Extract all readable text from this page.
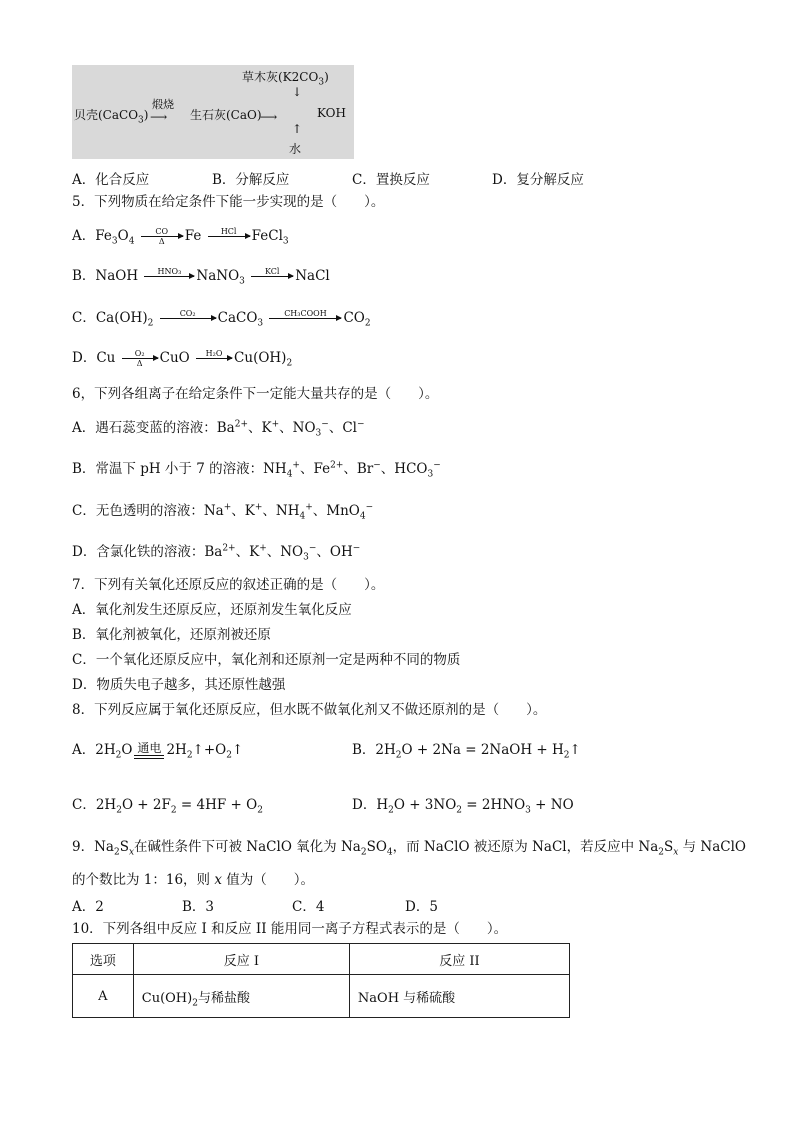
草木灰$(K2CO_3)$
↓
贝壳(CaCO$_3$)
煅烧
⟶ 生石灰(CaO)
⟶	KOH
↑
水
A．化合反应	B．分解反应	C．置换反应	D．复分解反应
5．下列物质在给定条件下能一步实现的是（　　）。
A．$Fe_3O_4 \frac{CO}{\Delta}$ Fe	HCl
	FeCl$_3$
B．NaOH	HNO₃
	NaNO$_3$
KCl
	NaCl
C．$Ca(OH)_2$
CO₂
	CaCO$_3$
CH₃COOH
	$CO_2$
D．Cu $\frac{\text{O₂}}{\Delta}$ CuO	H₂O
$Cu(OH)_2$
6，下列各组离子在给定条件下一定能大量共存的是（　　）。
A．遇石蕊变蓝的溶液：$Ba^{2+}$、K+、$NO_3^-$、Cl−
B．常温下 pH 小于 7 的溶液：$NH_4^+$、$Fe^{2+}$、Br−、$HCO_3^-$
C．无色透明的溶液：Na+、K+、$NH_4^+$、MnO$_4$−
D．含氯化铁的溶液：$Ba^{2+}$、K+、$NO_3^-$、OH−
7．下列有关氧化还原反应的叙述正确的是（　　）。
A．氧化剂发生还原反应，还原剂发生氧化反应
B．氧化剂被氧化，还原剂被还原
C．一个氧化还原反应中，氧化剂和还原剂一定是两种不同的物质
D．物质失电子越多，其还原性越强
8．下列反应属于氧化还原反应，但水既不做氧化剂又不做还原剂的是（　　）。
A．$2H_2O$ 通电 $2H_2↑+O_2↑$	B．$2H_2O + 2Na$ = 2NaOH + $H_2↑$
C．$2H_2O + 2F_2 = 4HF + O_2$	D．$H_2O + 3NO_2 = 2HNO_3$ + NO
9．$Na_2S_x$在碱性条件下可被 NaClO 氧化为 $Na_2SO_4$，而 NaClO 被还原为 NaCl，若反应中 $Na_2S_x$ 与 NaClO
的个数比为 1：16，则 x 值为（　　）。
A．2	B．3	C．4	D．5
10．下列各组中反应 I 和反应 II 能用同一离子方程式表示的是（　　）。
选项	反应 I	反应 II
A	$Cu(OH)_2$与稀盐酸	NaOH 与稀硫酸
